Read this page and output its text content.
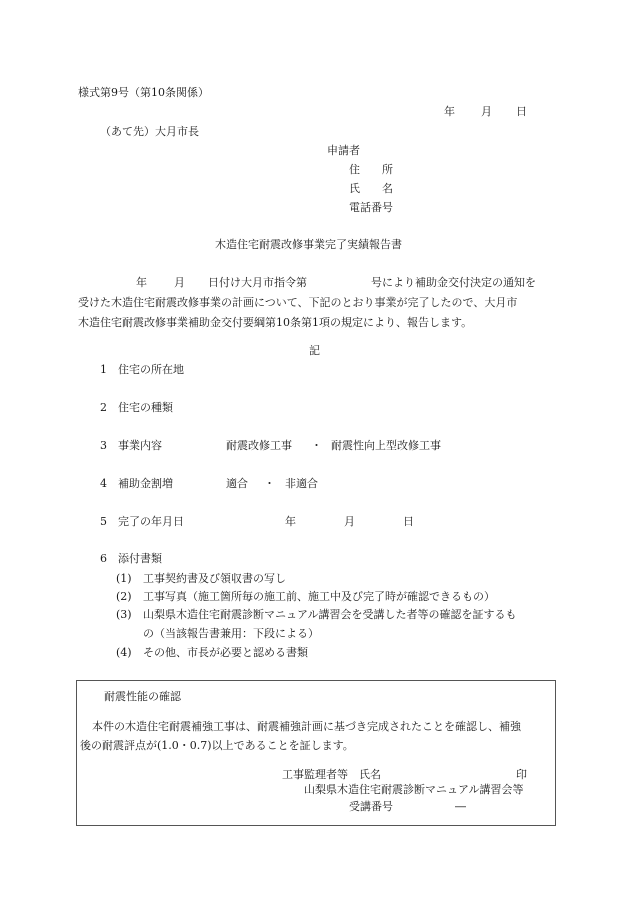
様式第9号（第10条関係）
年 月 日
（あて先）大月市長
申請者
住　　所
氏　　名
電話番号
木造住宅耐震改修事業完了実績報告書
年 月 日付け大月市指令第	号により補助金交付決定の通知を
受けた木造住宅耐震改修事業の計画について、下記のとおり事業が完了したので、大月市
木造住宅耐震改修事業補助金交付要綱第10条第1項の規定により、報告します。
記
1 住宅の所在地
2 住宅の種類
3 事業内容	耐震改修工事 ・ 耐震性向上型改修工事
4 補助金割増	適合 ・ 非適合
5 完了の年月日	年	月	日
6 添付書類
(1) 工事契約書及び領収書の写し
(2) 工事写真（施工箇所毎の施工前、施工中及び完了時が確認できるもの）
(3) 山梨県木造住宅耐震診断マニュアル講習会を受講した者等の確認を証するも
の（当該報告書兼用：下段による）
(4) その他、市長が必要と認める書類
耐震性能の確認
本件の木造住宅耐震補強工事は、耐震補強計画に基づき完成されたことを確認し、補強
後の耐震評点が(1.0・0.7)以上であることを証します。
工事監理者等　氏名	印
山梨県木造住宅耐震診断マニュアル講習会等
受講番号	―
